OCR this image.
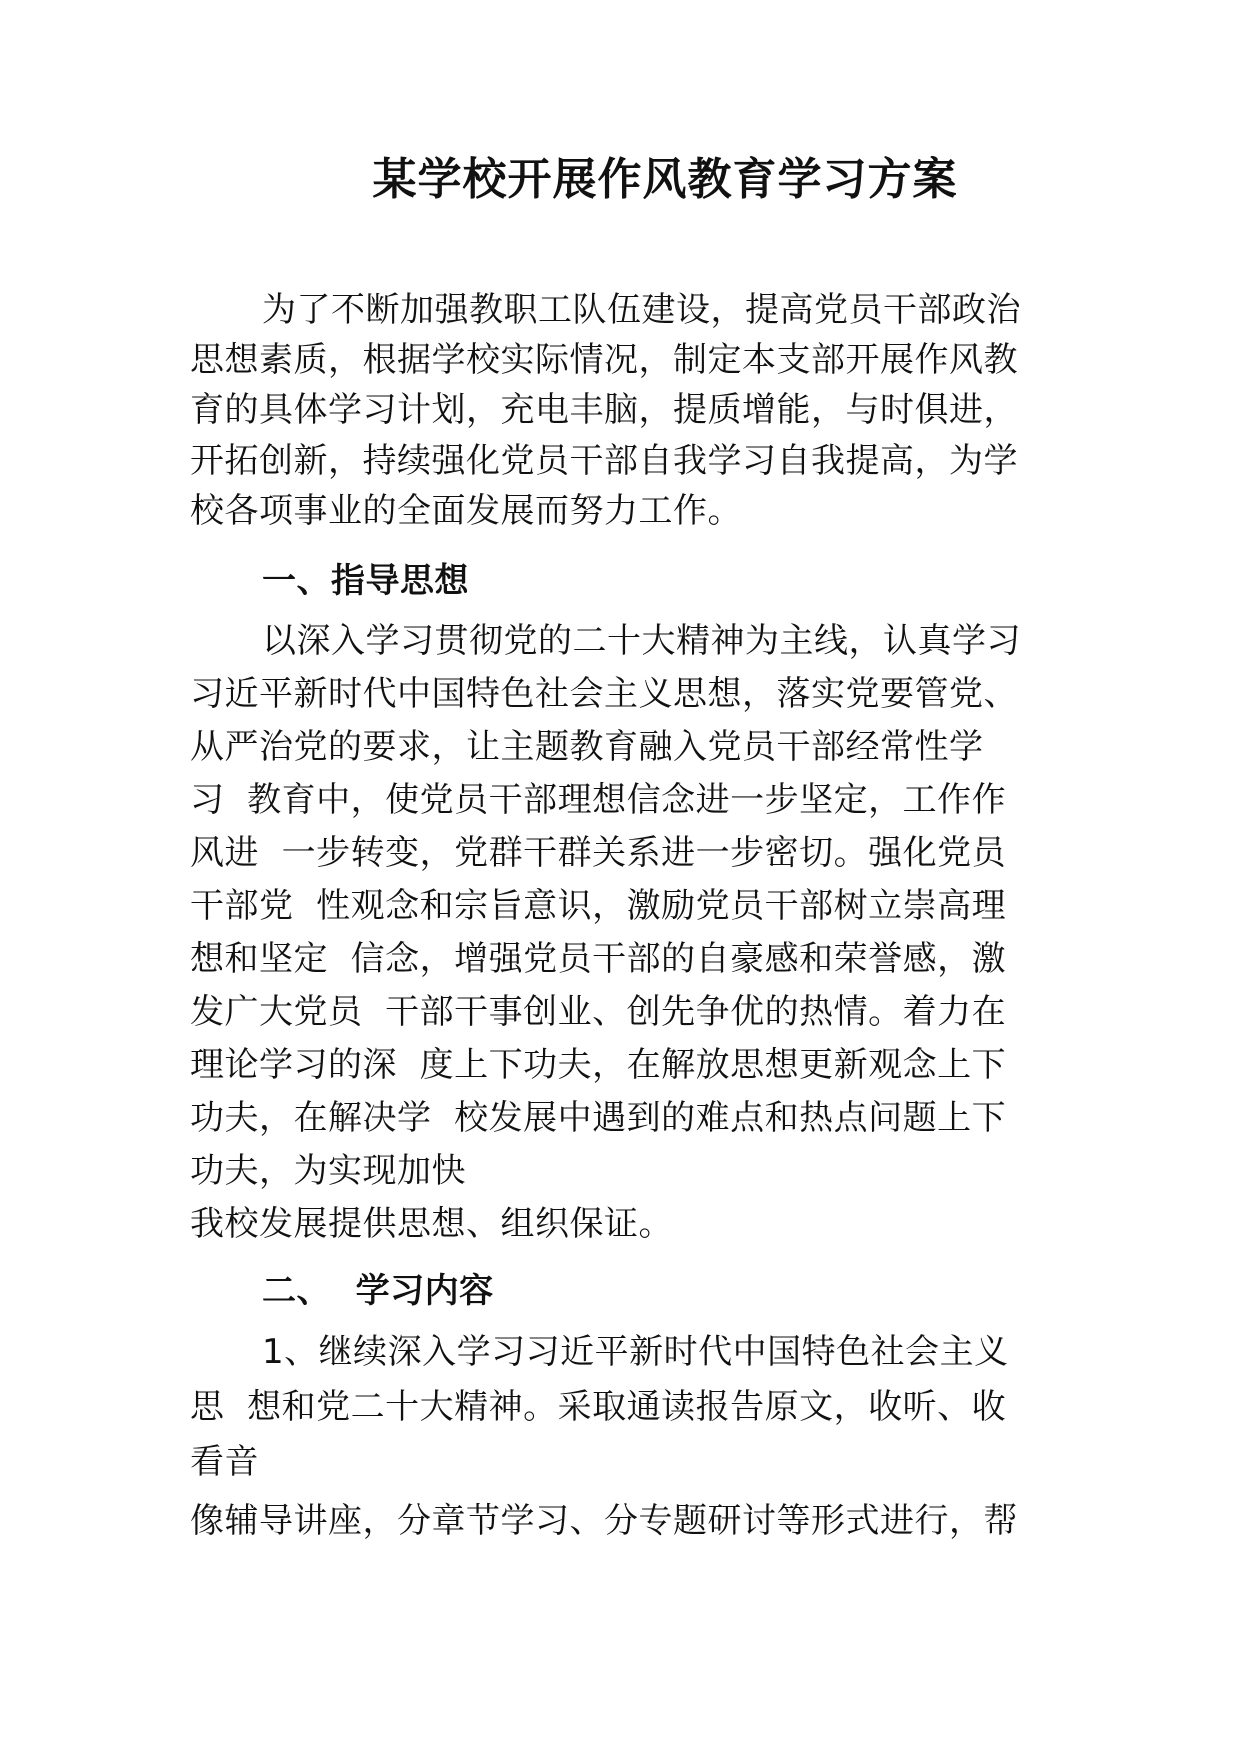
某学校开展作风教育学习方案
为了不断加强教职工队伍建设，提高党员干部政治
思想素质，根据学校实际情况，制定本支部开展作风教
育的具体学习计划，充电丰脑，提质增能，与时俱进，
开拓创新，持续强化党员干部自我学习自我提高，为学
校各项事业的全面发展而努力工作。
一、指导思想
以深入学习贯彻党的二十大精神为主线，认真学习
习近平新时代中国特色社会主义思想，落实党要管党、
从严治党的要求，让主题教育融入党员干部经常性学
习  教育中，使党员干部理想信念进一步坚定，工作作
风进  一步转变，党群干群关系进一步密切。强化党员
干部党  性观念和宗旨意识，激励党员干部树立崇高理
想和坚定  信念，增强党员干部的自豪感和荣誉感，激
发广大党员  干部干事创业、创先争优的热情。着力在
理论学习的深  度上下功夫，在解放思想更新观念上下
功夫，在解决学  校发展中遇到的难点和热点问题上下
功夫，为实现加快
我校发展提供思想、组织保证。
二、  学习内容
1、继续深入学习习近平新时代中国特色社会主义
思  想和党二十大精神。采取通读报告原文，收听、收
看音
像辅导讲座，分章节学习、分专题研讨等形式进行，帮
